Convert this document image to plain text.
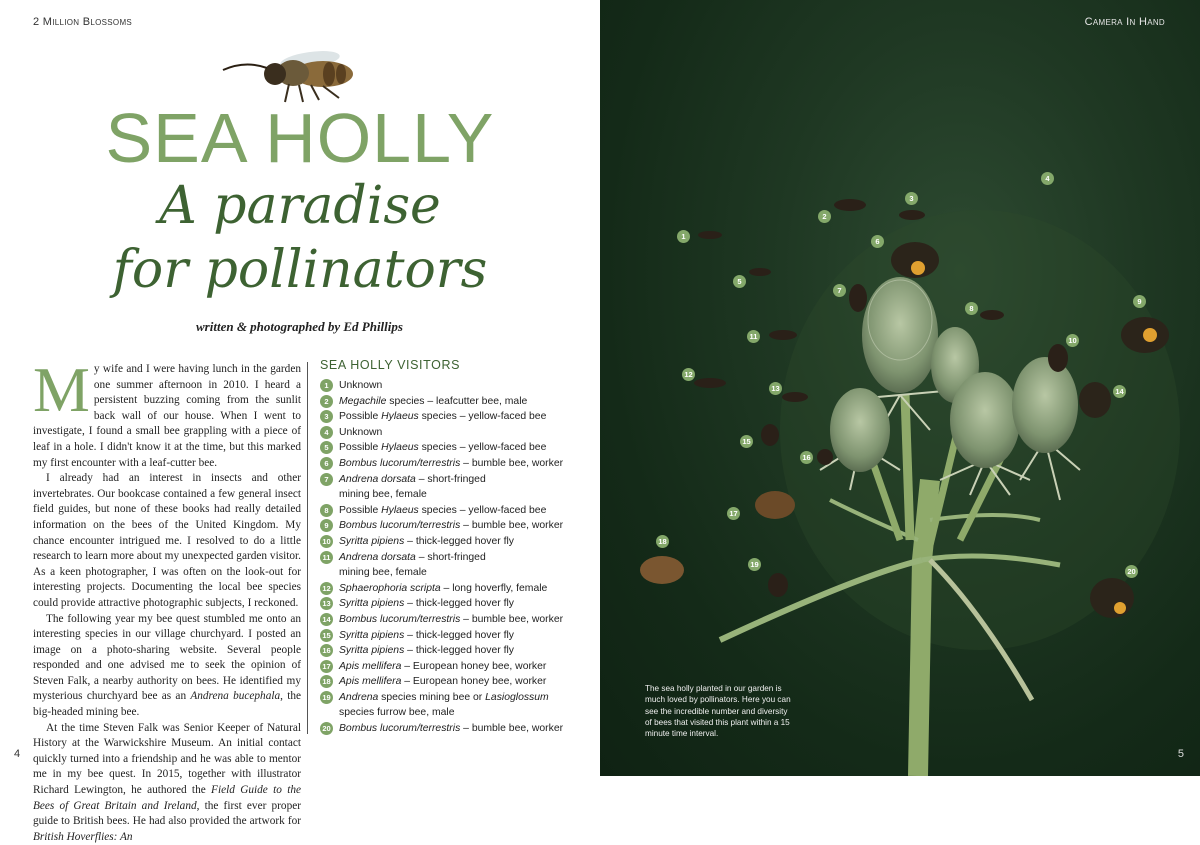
2 Million Blossoms
SEA HOLLY
A paradise
for pollinators
written & photographed by Ed Phillips

My wife and I were having lunch in the garden one summer afternoon in 2010. I heard a persistent buzzing coming from the sunlit back wall of our house. When I went to investigate, I found a small bee grappling with a piece of leaf in a hole. I didn't know it at the time, but this marked my first encounter with a leaf-cutter bee.

I already had an interest in insects and other invertebrates. Our bookcase contained a few general insect field guides, but none of these books had really detailed information on the bees of the United Kingdom. My chance encounter intrigued me. I resolved to do a little research to learn more about my unexpected garden visitor. As a keen photographer, I was often on the look-out for interesting projects. Documenting the local bee species could provide attractive photographic subjects, I reckoned.

The following year my bee quest stumbled me onto an interesting species in our village churchyard. I posted an image on a photo-sharing website. Several people responded and one advised me to seek the opinion of Steven Falk, a nearby authority on bees. He identified my mysterious churchyard bee as an Andrena bucephala, the big-headed mining bee.

At the time Steven Falk was Senior Keeper of Natural History at the Warwickshire Museum. An initial contact quickly turned into a friendship and he was able to mentor me in my bee quest. In 2015, together with illustrator Richard Lewington, he authored the Field Guide to the Bees of Great Britain and Ireland, the first ever proper guide to British bees. He had also provided the artwork for British Hoverflies: An

SEA HOLLY VISITORS
1	Unknown
2	Megachile species – leafcutter bee, male
3	Possible Hylaeus species – yellow-faced bee
4	Unknown
5	Possible Hylaeus species – yellow-faced bee
6	Bombus lucorum/terrestris – bumble bee, worker
7	Andrena dorsata – short-fringed
mining bee, female
8	Possible Hylaeus species – yellow-faced bee
9	Bombus lucorum/terrestris – bumble bee, worker
10 Syritta pipiens – thick-legged hover fly
11 Andrena dorsata – short-fringed
mining bee, female
12 Sphaerophoria scripta – long hoverfly, female
13 Syritta pipiens – thick-legged hover fly
14 Bombus lucorum/terrestris – bumble bee, worker
15 Syritta pipiens – thick-legged hover fly
16 Syritta pipiens – thick-legged hover fly
17 Apis mellifera – European honey bee, worker
18 Apis mellifera – European honey bee, worker
19 Andrena species mining bee or Lasioglossum
species furrow bee, male
20 Bombus lucorum/terrestris – bumble bee, worker
4
Camera In Hand
1
2
3
4
5
6
7
8
9
10
11
12
13	14
15
16
17
18
19
20
The sea holly planted in our garden is much loved by pollinators. Here you can see the incredible number and diversity of bees that visited this plant within a 15 minute time interval.
5
